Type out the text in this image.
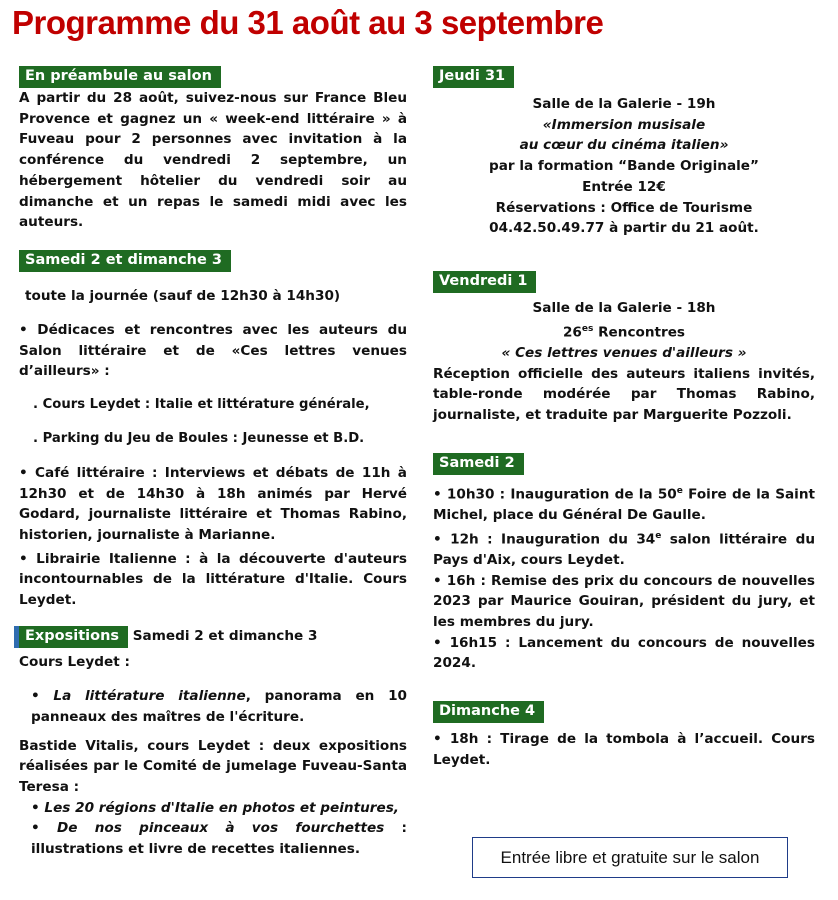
Programme du 31 août au 3 septembre
En préambule au salon

A partir du 28 août, suivez-nous sur France Bleu Provence et gagnez un « week-end littéraire » à Fuveau pour 2 personnes avec invitation à la conférence du vendredi 2 septembre, un hébergement hôtelier du vendredi soir au dimanche et un repas le samedi midi avec les auteurs.

Samedi 2 et dimanche 3

toute la journée (sauf de 12h30 à 14h30)

• Dédicaces et rencontres avec les auteurs du Salon littéraire et de «Ces lettres venues d’ailleurs» :

. Cours Leydet : Italie et littérature générale,

. Parking du Jeu de Boules : Jeunesse et B.D.

• Café littéraire : Interviews et débats de 11h à 12h30 et de 14h30 à 18h animés par Hervé Godard, journaliste littéraire et Thomas Rabino, historien, journaliste à Marianne.

• Librairie Italienne : à la découverte d'auteurs incontournables de la littérature d'Italie. Cours Leydet.

Expositions Samedi 2 et dimanche 3

Cours Leydet :

• La littérature italienne, panorama en 10 panneaux des maîtres de l'écriture.

Bastide Vitalis, cours Leydet : deux expositions réalisées par le Comité de jumelage Fuveau-Santa Teresa :

• Les 20 régions d'Italie en photos et peintures,

• De nos pinceaux à vos fourchettes : illustrations et livre de recettes italiennes.

Jeudi 31

Salle de la Galerie - 19h

«Immersion musisale

au cœur du cinéma italien»

par la formation “Bande Originale”

Entrée 12€

Réservations : Office de Tourisme

04.42.50.49.77 à partir du 21 août.

Vendredi 1

Salle de la Galerie - 18h

$26^{es}$ Rencontres

« Ces lettres venues d'ailleurs »

Réception officielle des auteurs italiens invités, table-ronde modérée par Thomas Rabino, journaliste, et traduite par Marguerite Pozzoli.

Samedi 2

• 10h30 : Inauguration de la 50e Foire de la Saint Michel, place du Général De Gaulle.

• 12h : Inauguration du 34e salon littéraire du Pays d'Aix, cours Leydet.

• 16h : Remise des prix du concours de nouvelles 2023 par Maurice Gouiran, président du jury, et les membres du jury.

• 16h15 : Lancement du concours de nouvelles 2024.

Dimanche 4

• 18h : Tirage de la tombola à l’accueil. Cours Leydet.

Entrée libre et gratuite sur le salon
